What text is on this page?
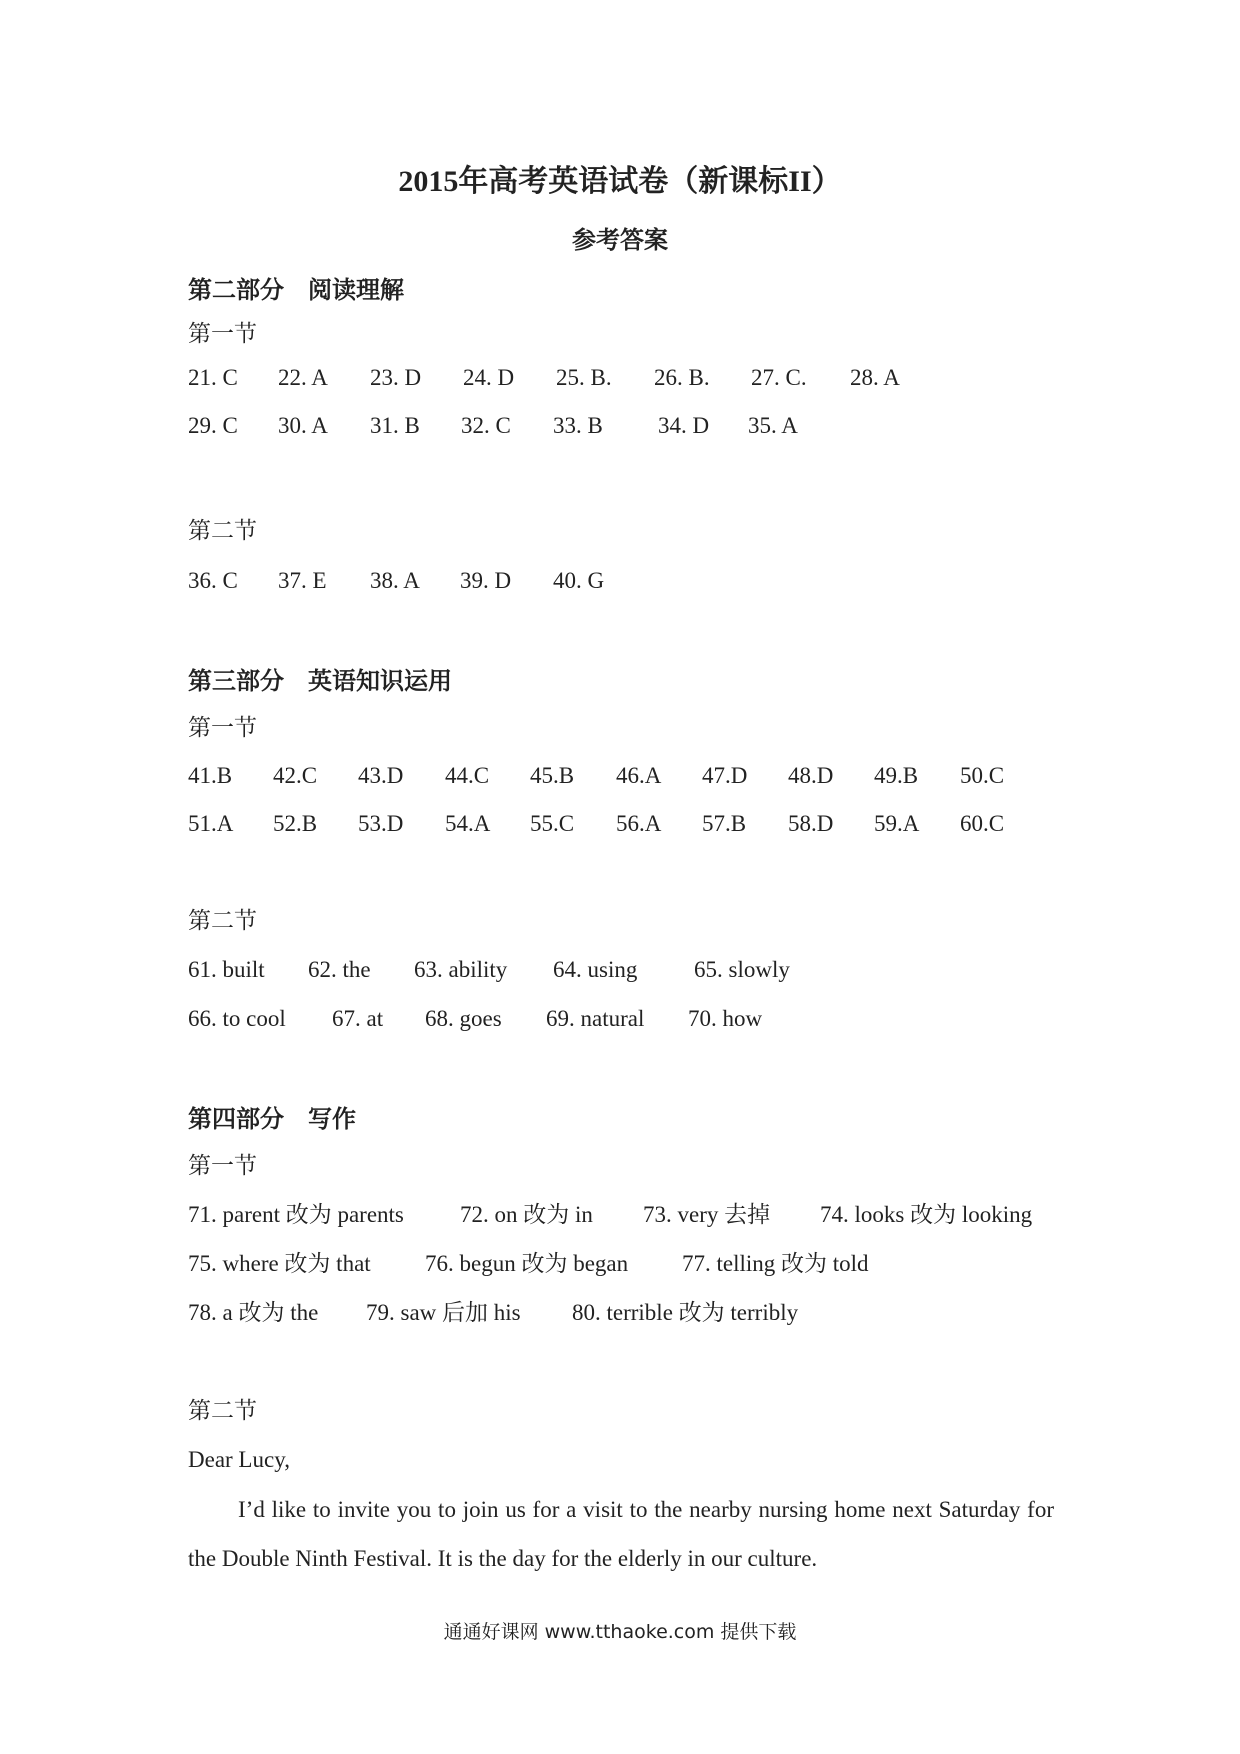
2015年高考英语试卷（新课标II）
参考答案
第二部分 阅读理解
第一节
21. C 22. A 23. D 24. D 25. B. 26. B. 27. C. 28. A
29. C 30. A 31. B 32. C 33. B 34. D 35. A
第二节
36. C 37. E 38. A 39. D 40. G
第三部分 英语知识运用
第一节
41.B 42.C 43.D 44.C 45.B 46.A 47.D 48.D 49.B 50.C
51.A 52.B 53.D 54.A 55.C 56.A 57.B 58.D 59.A 60.C
第二节
61. built 62. the 63. ability 64. using 65. slowly
66. to cool 67. at 68. goes 69. natural 70. how
第四部分 写作
第一节
71. parent 改为 parents 72. on 改为 in 73. very 去掉 74. looks 改为 looking
75. where 改为 that 76. begun 改为 began 77. telling 改为 told
78. a 改为 the 79. saw 后加 his 80. terrible 改为 terribly
第二节
Dear Lucy,
I’d like to invite you to join us for a visit to the nearby nursing home next Saturday for the Double Ninth Festival. It is the day for the elderly in our culture.
通通好课网 www.tthaoke.com 提供下载
